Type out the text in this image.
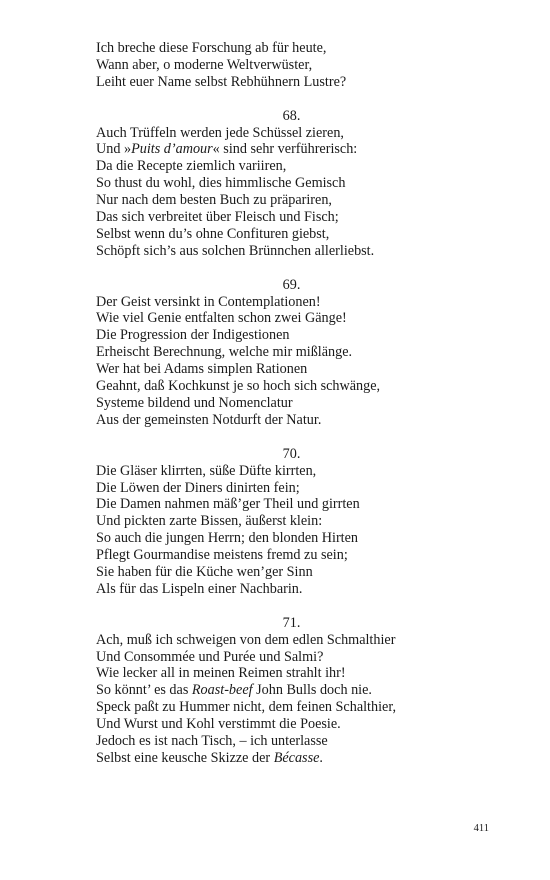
Ich breche diese Forschung ab für heute,
Wann aber, o moderne Weltverwüster,
Leiht euer Name selbst Rebhühnern Lustre?
68.
Auch Trüffeln werden jede Schüssel zieren,
Und »Puits d’amour« sind sehr verführerisch:
Da die Recepte ziemlich variiren,
So thust du wohl, dies himmlische Gemisch
Nur nach dem besten Buch zu präpariren,
Das sich verbreitet über Fleisch und Fisch;
Selbst wenn du’s ohne Confituren giebst,
Schöpft sich’s aus solchen Brünnchen allerliebst.
69.
Der Geist versinkt in Contemplationen!
Wie viel Genie entfalten schon zwei Gänge!
Die Progression der Indigestionen
Erheischt Berechnung, welche mir mißlänge.
Wer hat bei Adams simplen Rationen
Geahnt, daß Kochkunst je so hoch sich schwänge,
Systeme bildend und Nomenclatur
Aus der gemeinsten Notdurft der Natur.
70.
Die Gläser klirrten, süße Düfte kirrten,
Die Löwen der Diners dinirten fein;
Die Damen nahmen mäß’ger Theil und girrten
Und pickten zarte Bissen, äußerst klein:
So auch die jungen Herrn; den blonden Hirten
Pflegt Gourmandise meistens fremd zu sein;
Sie haben für die Küche wen’ger Sinn
Als für das Lispeln einer Nachbarin.
71.
Ach, muß ich schweigen von dem edlen Schmalthier
Und Consommée und Purée und Salmi?
Wie lecker all in meinen Reimen strahlt ihr!
So könnt’ es das Roast-beef John Bulls doch nie.
Speck paßt zu Hummer nicht, dem feinen Schalthier,
Und Wurst und Kohl verstimmt die Poesie.
Jedoch es ist nach Tisch, – ich unterlasse
Selbst eine keusche Skizze der Bécasse.
411
